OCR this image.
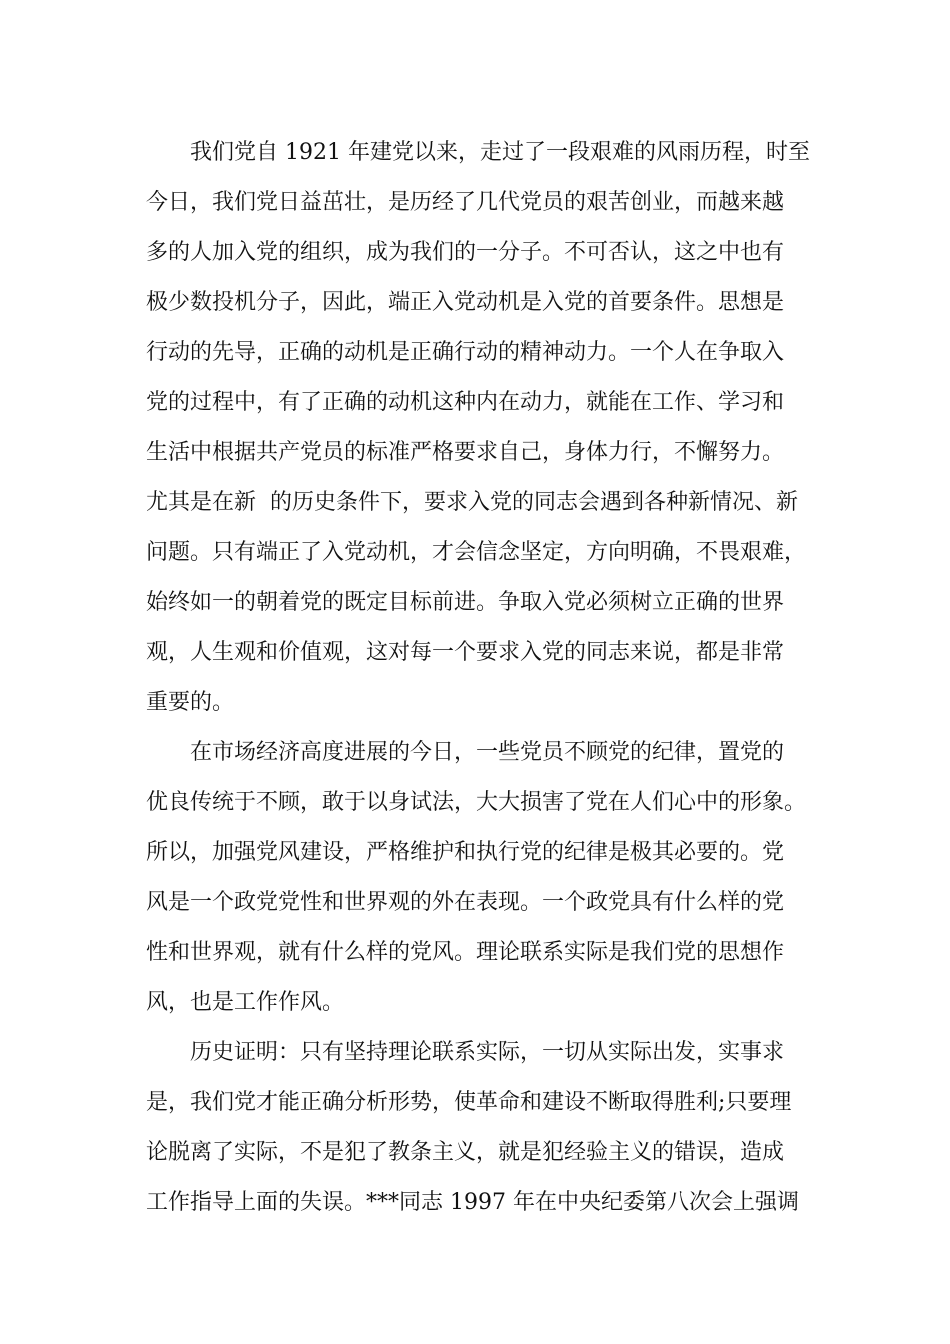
我们党自 1921 年建党以来，走过了一段艰难的风雨历程，时至
今日，我们党日益茁壮，是历经了几代党员的艰苦创业，而越来越
多的人加入党的组织，成为我们的一分子。不可否认，这之中也有
极少数投机分子，因此，端正入党动机是入党的首要条件。思想是
行动的先导，正确的动机是正确行动的精神动力。一个人在争取入
党的过程中，有了正确的动机这种内在动力，就能在工作、学习和
生活中根据共产党员的标准严格要求自己，身体力行，不懈努力。
尤其是在新  的历史条件下，要求入党的同志会遇到各种新情况、新
问题。只有端正了入党动机，才会信念坚定，方向明确，不畏艰难，
始终如一的朝着党的既定目标前进。争取入党必须树立正确的世界
观，人生观和价值观，这对每一个要求入党的同志来说，都是非常
重要的。
在市场经济高度进展的今日，一些党员不顾党的纪律，置党的
优良传统于不顾，敢于以身试法，大大损害了党在人们心中的形象。
所以，加强党风建设，严格维护和执行党的纪律是极其必要的。党
风是一个政党党性和世界观的外在表现。一个政党具有什么样的党
性和世界观，就有什么样的党风。理论联系实际是我们党的思想作
风，也是工作作风。
历史证明：只有坚持理论联系实际，一切从实际出发，实事求
是，我们党才能正确分析形势，使革命和建设不断取得胜利;只要理
论脱离了实际，不是犯了教条主义，就是犯经验主义的错误，造成
工作指导上面的失误。***同志 1997 年在中央纪委第八次会上强调
